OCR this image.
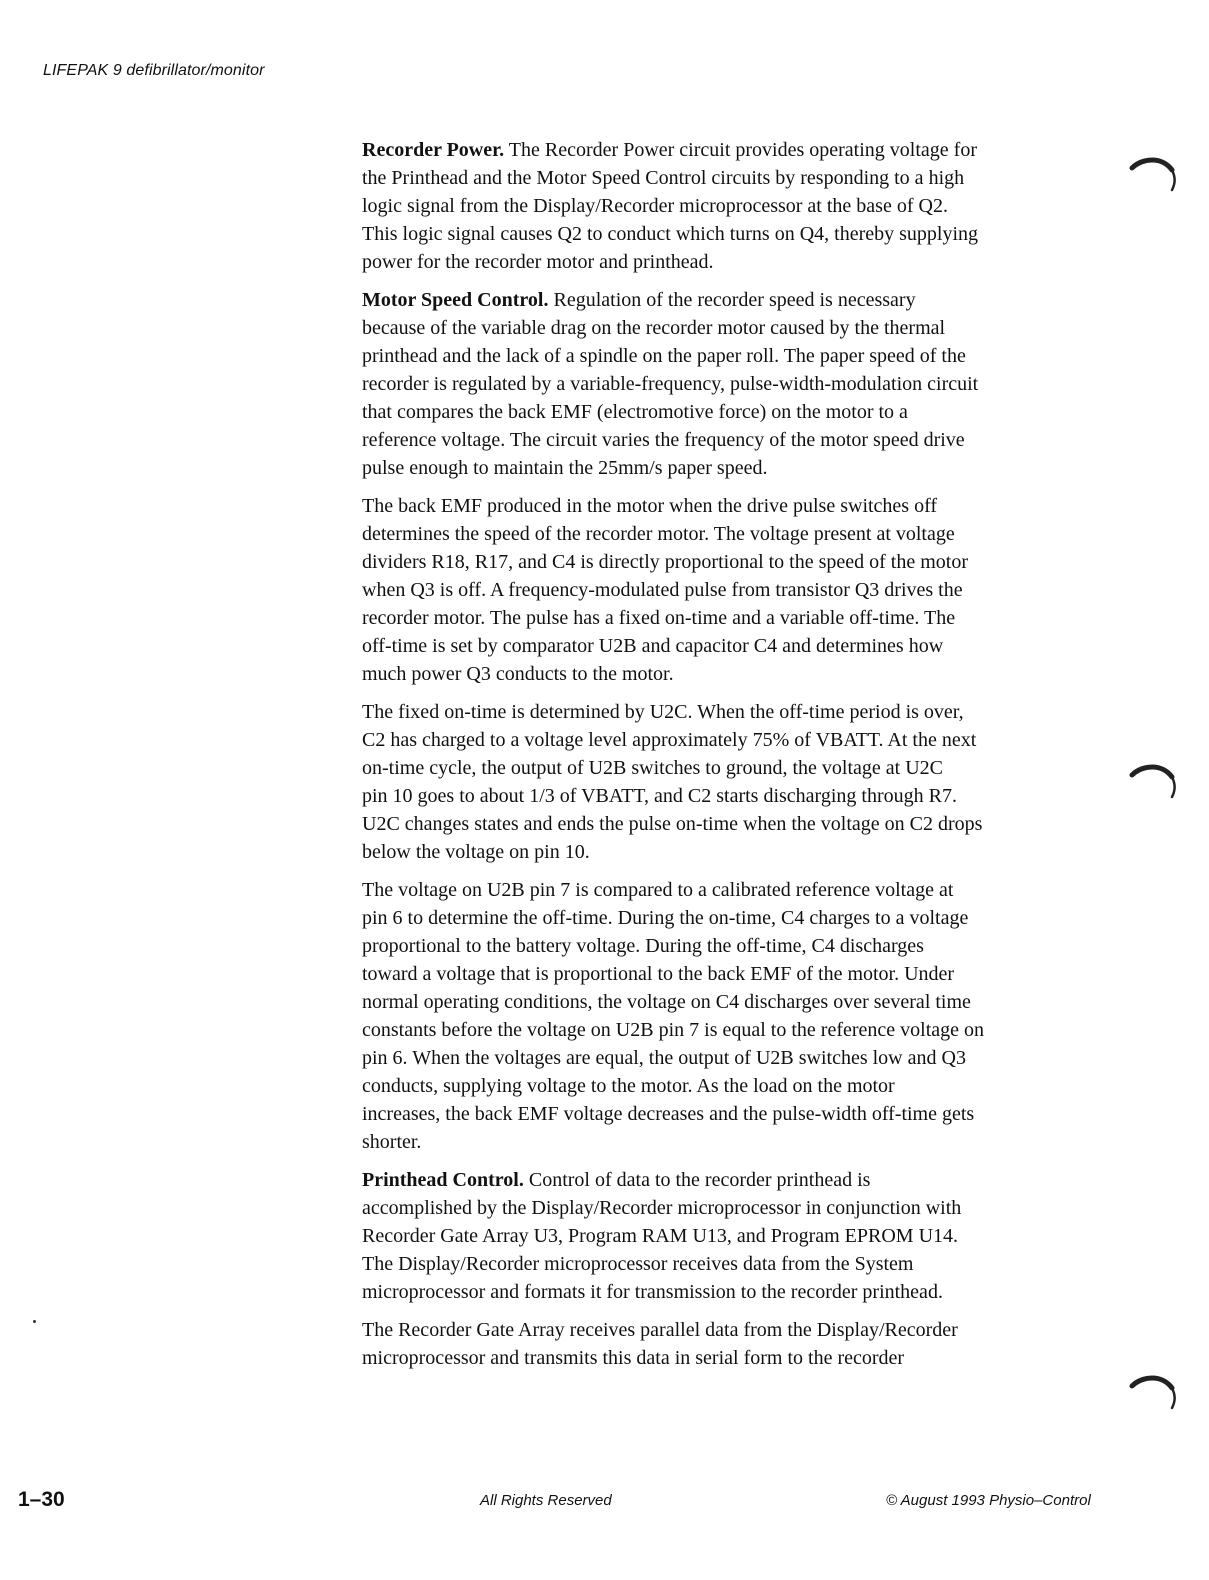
LIFEPAK 9 defibrillator/monitor

Recorder Power. The Recorder Power circuit provides operating voltage for
the Printhead and the Motor Speed Control circuits by responding to a high
logic signal from the Display/Recorder microprocessor at the base of Q2.
This logic signal causes Q2 to conduct which turns on Q4, thereby supplying
power for the recorder motor and printhead.

Motor Speed Control. Regulation of the recorder speed is necessary
because of the variable drag on the recorder motor caused by the thermal
printhead and the lack of a spindle on the paper roll. The paper speed of the
recorder is regulated by a variable-frequency, pulse-width-modulation circuit
that compares the back EMF (electromotive force) on the motor to a
reference voltage. The circuit varies the frequency of the motor speed drive
pulse enough to maintain the 25mm/s paper speed.

The back EMF produced in the motor when the drive pulse switches off
determines the speed of the recorder motor. The voltage present at voltage
dividers R18, R17, and C4 is directly proportional to the speed of the motor
when Q3 is off. A frequency-modulated pulse from transistor Q3 drives the
recorder motor. The pulse has a fixed on-time and a variable off-time. The
off-time is set by comparator U2B and capacitor C4 and determines how
much power Q3 conducts to the motor.

The fixed on-time is determined by U2C. When the off-time period is over,
C2 has charged to a voltage level approximately 75% of VBATT. At the next
on-time cycle, the output of U2B switches to ground, the voltage at U2C
pin 10 goes to about 1/3 of VBATT, and C2 starts discharging through R7.
U2C changes states and ends the pulse on-time when the voltage on C2 drops
below the voltage on pin 10.

The voltage on U2B pin 7 is compared to a calibrated reference voltage at
pin 6 to determine the off-time. During the on-time, C4 charges to a voltage
proportional to the battery voltage. During the off-time, C4 discharges
toward a voltage that is proportional to the back EMF of the motor. Under
normal operating conditions, the voltage on C4 discharges over several time
constants before the voltage on U2B pin 7 is equal to the reference voltage on
pin 6. When the voltages are equal, the output of U2B switches low and Q3
conducts, supplying voltage to the motor. As the load on the motor
increases, the back EMF voltage decreases and the pulse-width off-time gets
shorter.

Printhead Control. Control of data to the recorder printhead is
accomplished by the Display/Recorder microprocessor in conjunction with
Recorder Gate Array U3, Program RAM U13, and Program EPROM U14.
The Display/Recorder microprocessor receives data from the System
microprocessor and formats it for transmission to the recorder printhead.

The Recorder Gate Array receives parallel data from the Display/Recorder
microprocessor and transmits this data in serial form to the recorder

1–30	All Rights Reserved	© August 1993 Physio–Control
